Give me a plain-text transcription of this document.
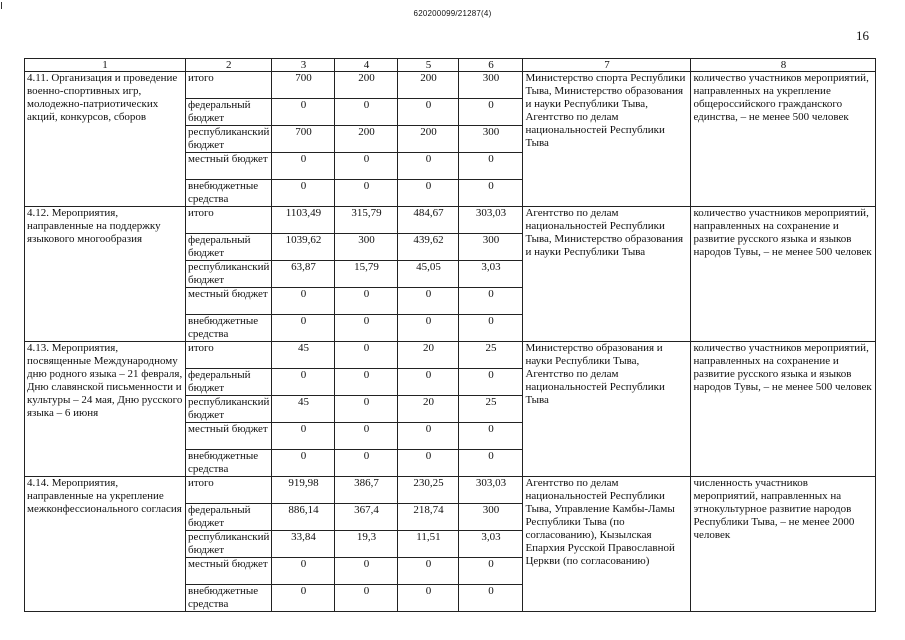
620200099/21287(4)
16
1	2	3	4	5	6	7	8
4.11. Организация и проведение военно-спортивных игр, молодежно-патриотических акций, конкурсов, сборов	итого	700	200	200	300	Министерство спорта Республики Тыва, Министерство образования и науки Республики Тыва, Агентство по делам национальностей Республики Тыва	количество участников мероприятий, направленных на укрепление общероссийского гражданского единства, – не менее 500 человек
	федеральный бюджет	0	0	0	0		
	республиканский бюджет	700	200	200	300		
	местный бюджет	0	0	0	0		
	внебюджетные средства	0	0	0	0		
4.12. Мероприятия, направленные на поддержку языкового многообразия	итого	1103,49	315,79	484,67	303,03	Агентство по делам национальностей Республики Тыва, Министерство образования и науки Республики Тыва	количество участников мероприятий, направленных на сохранение и развитие русского языка и языков народов Тувы, – не менее 500 человек
	федеральный бюджет	1039,62	300	439,62	300		
	республиканский бюджет	63,87	15,79	45,05	3,03		
	местный бюджет	0	0	0	0		
	внебюджетные средства	0	0	0	0		
4.13. Мероприятия, посвященные Международному дню родного языка – 21 февраля, Дню славянской письменности и культуры – 24 мая, Дню русского языка – 6 июня	итого	45	0	20	25	Министерство образования и науки Республики Тыва, Агентство по делам национальностей Республики Тыва	количество участников мероприятий, направленных на сохранение и развитие русского языка и языков народов Тувы, – не менее 500 человек
	федеральный бюджет	0	0	0	0		
	республиканский бюджет	45	0	20	25		
	местный бюджет	0	0	0	0		
	внебюджетные средства	0	0	0	0		
4.14. Мероприятия, направленные на укрепление межконфессионального согласия	итого	919,98	386,7	230,25	303,03	Агентство по делам национальностей Республики Тыва, Управление Камбы-Ламы Республики Тыва (по согласованию), Кызылская Епархия Русской Православной Церкви (по согласованию)	численность участников мероприятий, направленных на этнокультурное развитие народов Республики Тыва, – не менее 2000 человек
	федеральный бюджет	886,14	367,4	218,74	300		
	республиканский бюджет	33,84	19,3	11,51	3,03		
	местный бюджет	0	0	0	0		
	внебюджетные средства	0	0	0	0		
